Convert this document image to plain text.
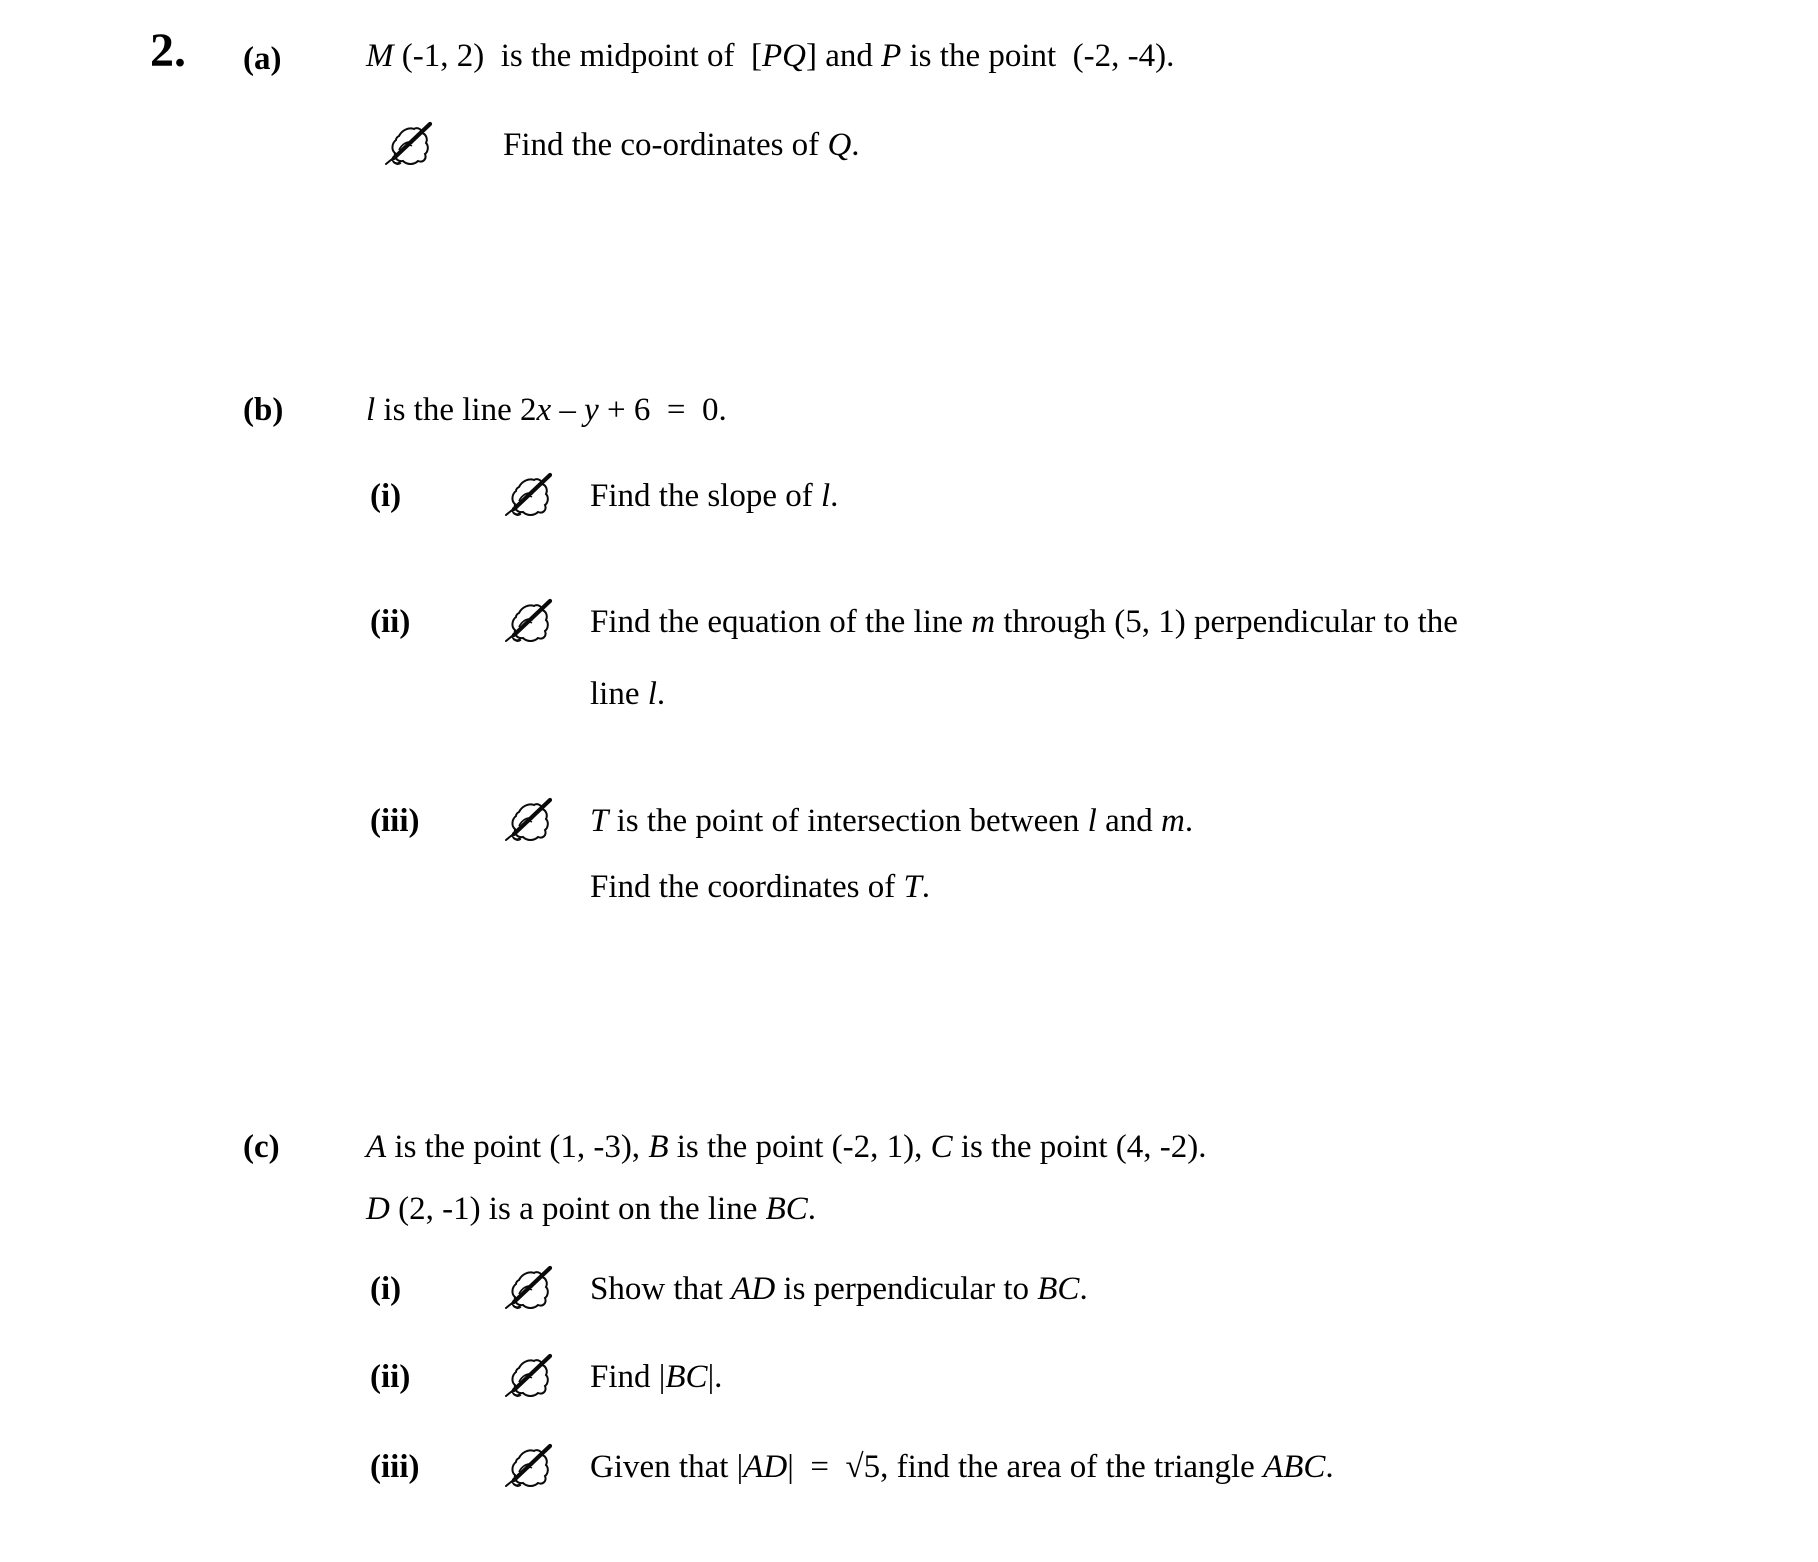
2. (a)	M (-1, 2)  is the midpoint of  [PQ] and P is the point  (-2, -4).
Find the co-ordinates of Q.
(b)	l is the line 2x – y + 6  =  0.
(i)	Find the slope of l.
(ii)	Find the equation of the line m through (5, 1) perpendicular to the
line l.
(iii)	T is the point of intersection between l and m.
Find the coordinates of T.
(c)	A is the point (1, -3), B is the point (-2, 1), C is the point (4, -2).
D (2, -1) is a point on the line BC.
(i)	Show that AD is perpendicular to BC.
(ii)	Find |BC|.
(iii)	Given that |AD|  =  √5, find the area of the triangle ABC.
